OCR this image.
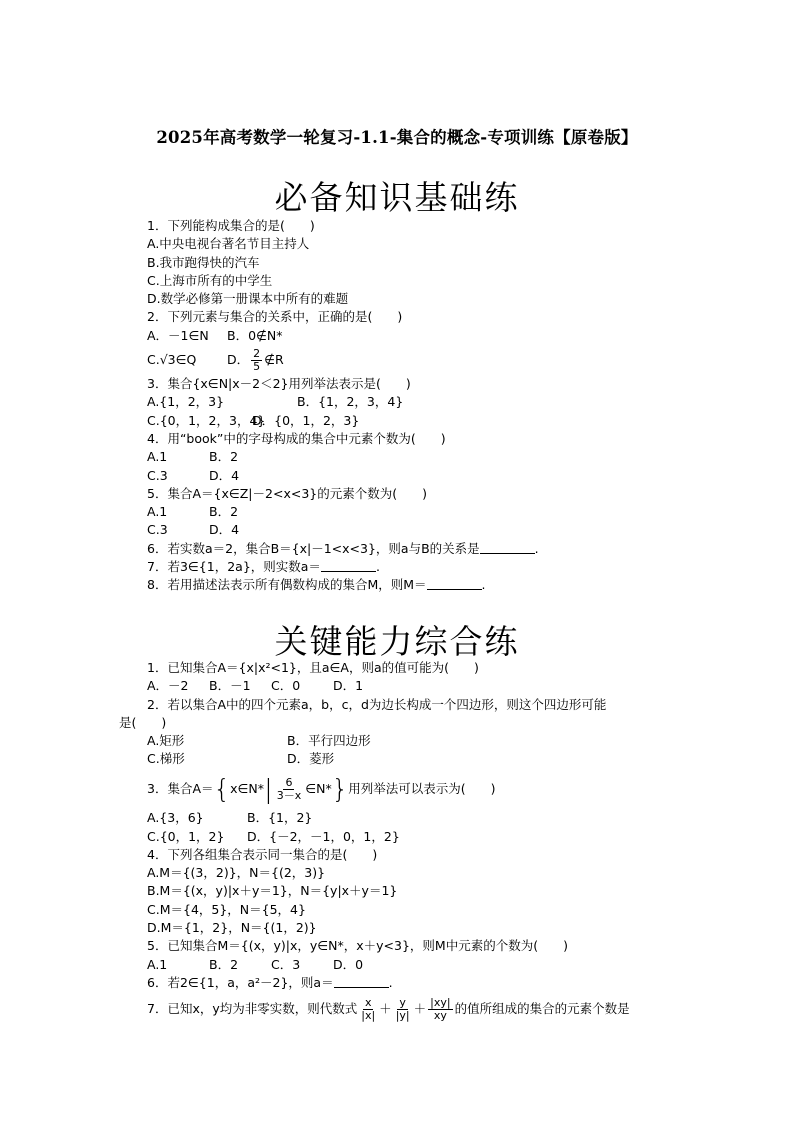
2025年高考数学一轮复习-1.1-集合的概念-专项训练【原卷版】
必备知识基础练
1．下列能构成集合的是(　　)
A.中央电视台著名节目主持人
B.我市跑得快的汽车
C.上海市所有的中学生
D.数学必修第一册课本中所有的难题
2．下列元素与集合的关系中，正确的是(　　)
A．－1∈N	B．0∉N*
C.√3∈Q	D． $\frac{2}{5}$ ∉R
3．集合{x∈N|x－2＜2}用列举法表示是(　　)
A.{1，2，3}	B．{1，2，3，4}
C.{0，1，2，3，4}
D．{0，1，2，3}
4．用“book”中的字母构成的集合中元素个数为(　　)
A.1	B．2
C.3	D．4
5．集合A＝{x∈Z|－2<x<3}的元素个数为(　　)
A.1	B．2
C.3	D．4
6．若实数a＝2，集合B＝{x|－1<x<3}，则a与B的关系是	.
7．若3∈{1，2a}，则实数a＝	.
8．若用描述法表示所有偶数构成的集合M，则M＝	.
关键能力综合练
1．已知集合A＝{x|x²<1}，且a∈A，则a的值可能为(　　)
A．－2	B．－1	C．0	D．1
2．若以集合A中的四个元素a，b，c，d为边长构成一个四边形，则这个四边形可能
是(　　)
A.矩形	B．平行四边形
C.梯形	D．菱形
3．集合A＝{x∈N*| $\frac{6}{3-x}$ ∈N*}用列举法可以表示为(　　)
A.{3，6}	B．{1，2}
C.{0，1，2}	D．{－2，－1，0，1，2}
4．下列各组集合表示同一集合的是(　　)
A.M＝{(3，2)}，N＝{(2，3)}
B.M＝{(x，y)|x＋y＝1}，N＝{y|x＋y＝1}
C.M＝{4，5}，N＝{5，4}
D.M＝{1，2}，N＝{(1，2)}
5．已知集合M＝{(x，y)|x，y∈N*，x＋y<3}，则M中元素的个数为(　　)
A.1	B．2	C．3	D．0
6．若2∈{1，a，a²－2}，则a＝	.
7．已知x，y均为非零实数，则代数式 $\frac{x}{|x|} + \frac{y}{|y|} + \frac{|xy|}{xy}$ 的值所组成的集合的元素个数是
